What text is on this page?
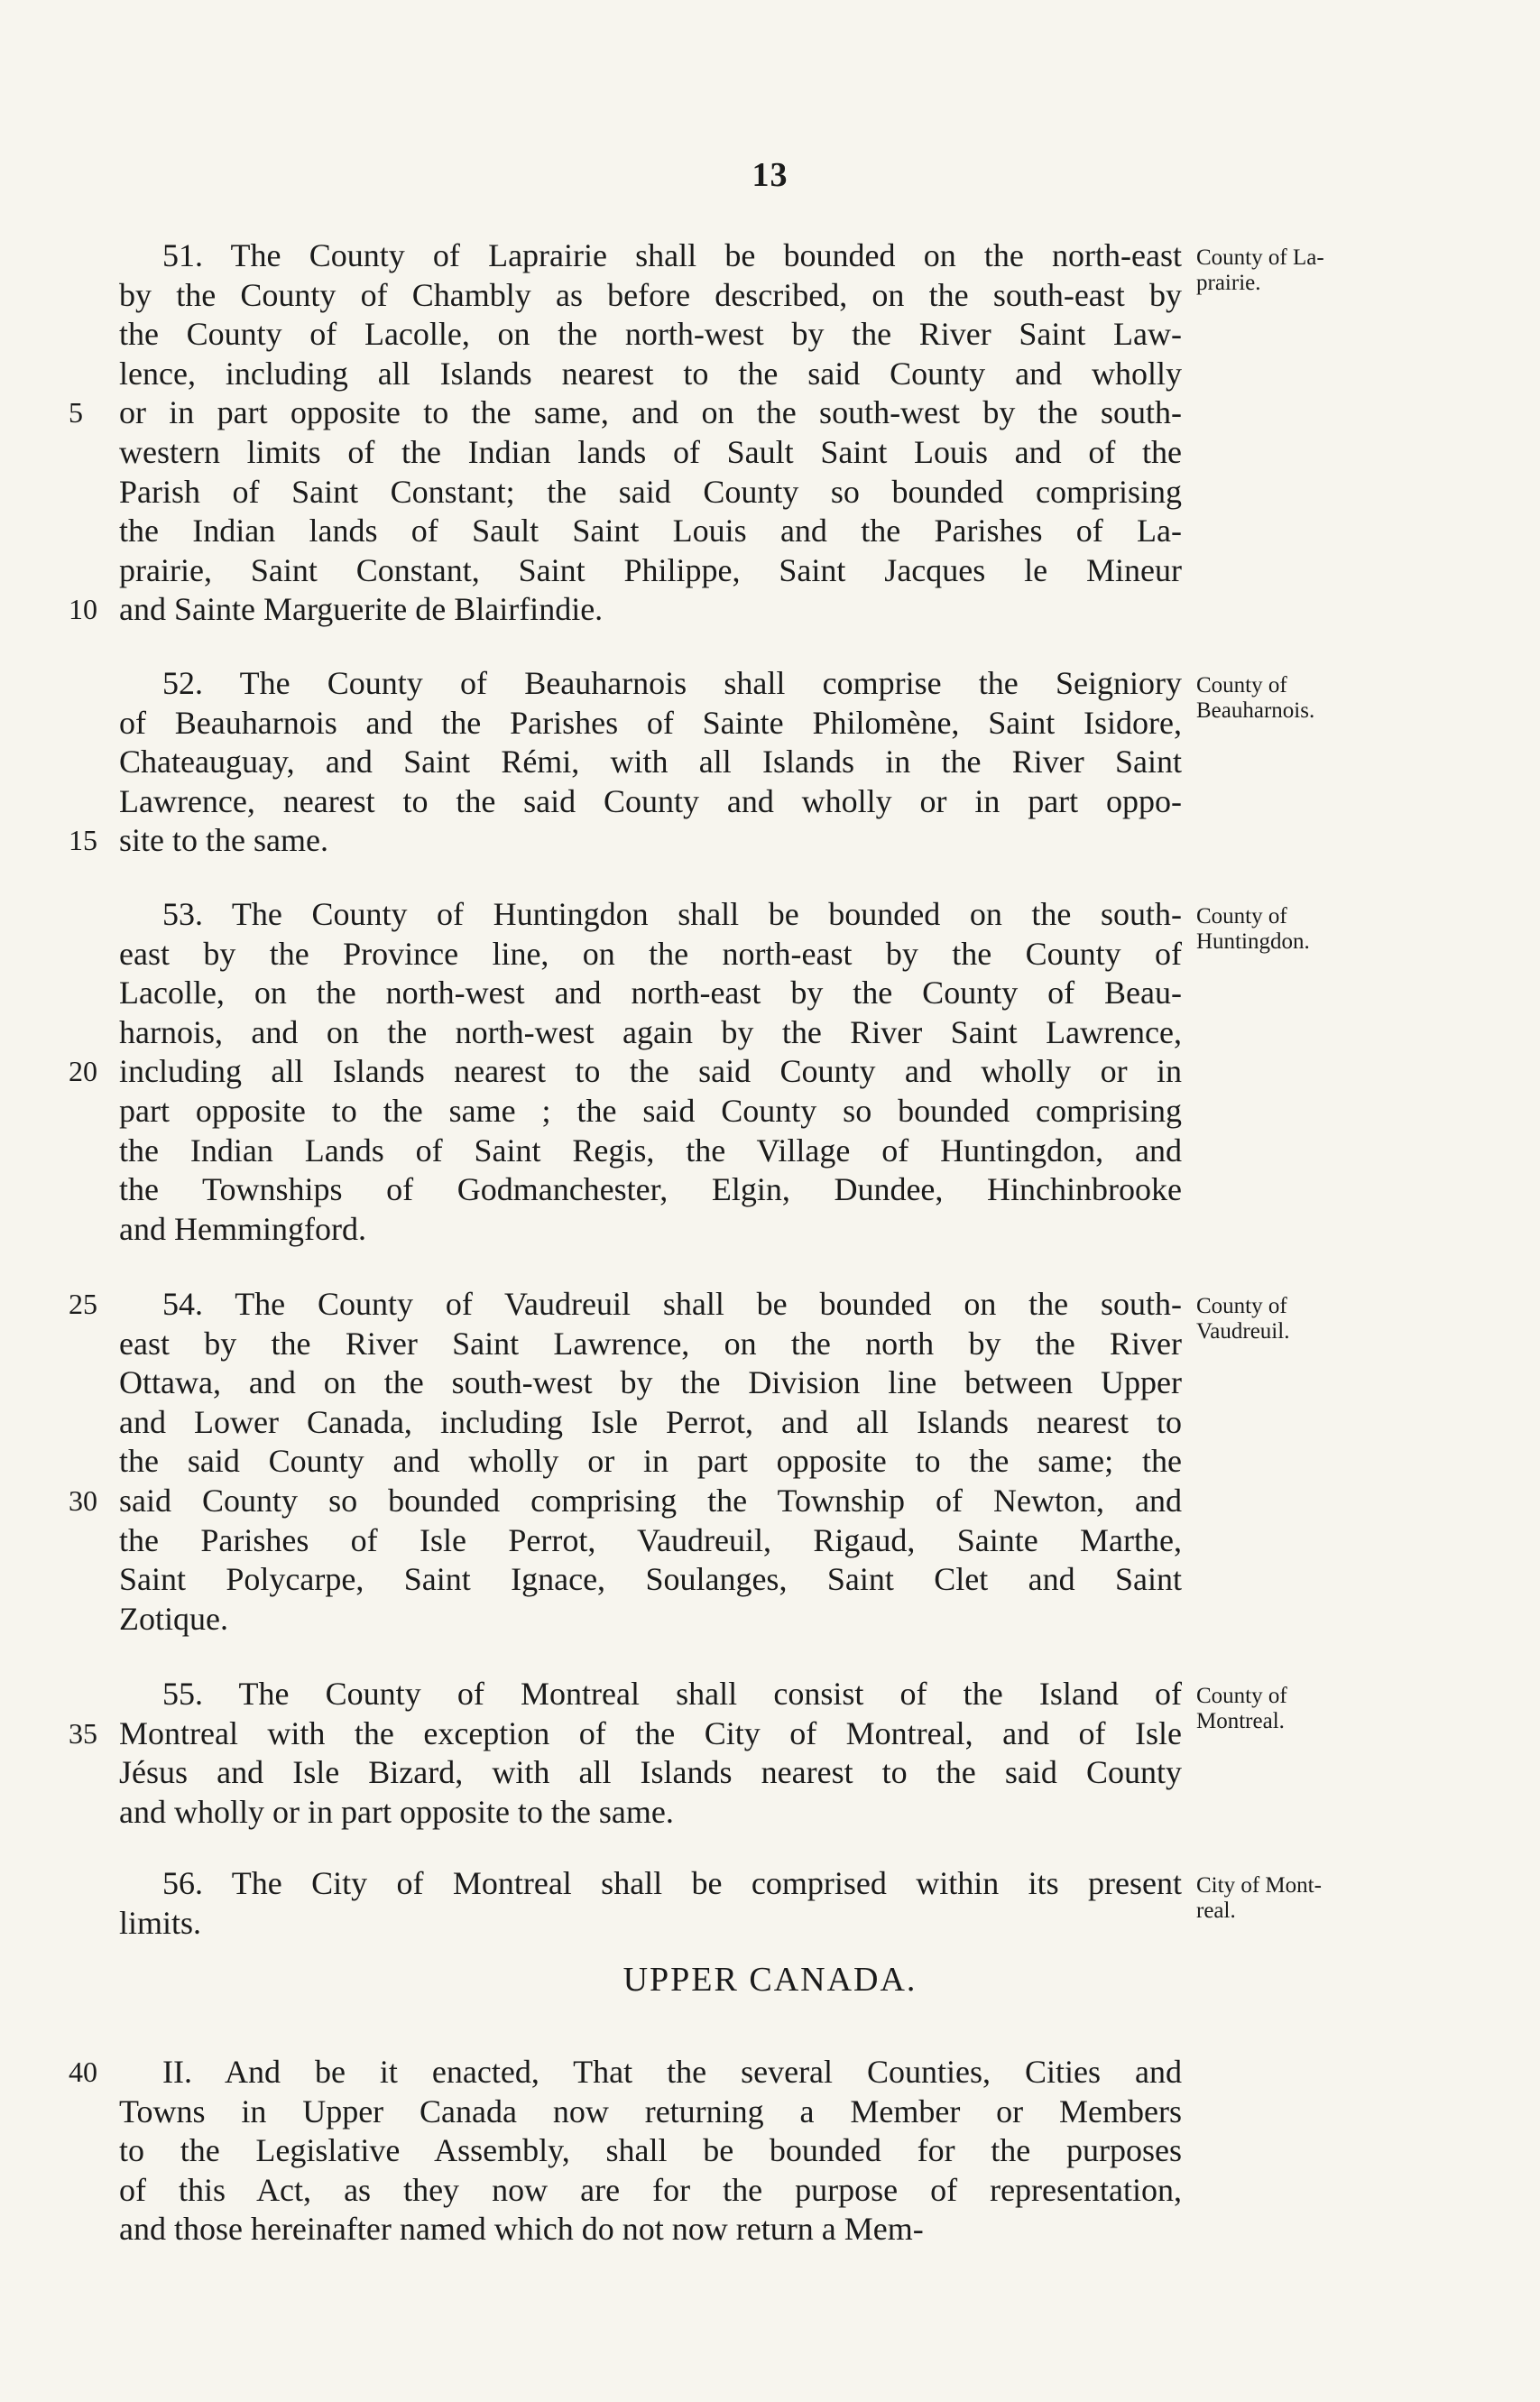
13
51. The County of Laprairie shall be bounded on the north-east
by the County of Chambly as before described, on the south-east by
the County of Lacolle, on the north-west by the River Saint Law-
lence, including all Islands nearest to the said County and wholly
or in part opposite to the same, and on the south-west by the south-
western limits of the Indian lands of Sault Saint Louis and of the
Parish of Saint Constant; the said County so bounded comprising
the Indian lands of Sault Saint Louis and the Parishes of La-
prairie, Saint Constant, Saint Philippe, Saint Jacques le Mineur
and Sainte Marguerite de Blairfindie.
5
10
County of La-
prairie.
52. The County of Beauharnois shall comprise the Seigniory
of Beauharnois and the Parishes of Sainte Philomène, Saint Isidore,
Chateauguay, and Saint Rémi, with all Islands in the River Saint
Lawrence, nearest to the said County and wholly or in part oppo-
site to the same.
15
County of
Beauharnois.
53. The County of Huntingdon shall be bounded on the south-
east by the Province line, on the north-east by the County of
Lacolle, on the north-west and north-east by the County of Beau-
harnois, and on the north-west again by the River Saint Lawrence,
including all Islands nearest to the said County and wholly or in
part opposite to the same ; the said County so bounded comprising
the Indian Lands of Saint Regis, the Village of Huntingdon, and
the Townships of Godmanchester, Elgin, Dundee, Hinchinbrooke
and Hemmingford.
20
County of
Huntingdon.
54. The County of Vaudreuil shall be bounded on the south-
east by the River Saint Lawrence, on the north by the River
Ottawa, and on the south-west by the Division line between Upper
and Lower Canada, including Isle Perrot, and all Islands nearest to
the said County and wholly or in part opposite to the same; the
said County so bounded comprising the Township of Newton, and
the Parishes of Isle Perrot, Vaudreuil, Rigaud, Sainte Marthe,
Saint Polycarpe, Saint Ignace, Soulanges, Saint Clet and Saint
Zotique.
25
30
County of
Vaudreuil.
55. The County of Montreal shall consist of the Island of
Montreal with the exception of the City of Montreal, and of Isle
Jésus and Isle Bizard, with all Islands nearest to the said County
and wholly or in part opposite to the same.
35
County of
Montreal.
56. The City of Montreal shall be comprised within its present
limits.
City of Mont-
real.
UPPER CANADA.
II. And be it enacted, That the several Counties, Cities and
Towns in Upper Canada now returning a Member or Members
to the Legislative Assembly, shall be bounded for the purposes
of this Act, as they now are for the purpose of representation,
and those hereinafter named which do not now return a Mem-
40
